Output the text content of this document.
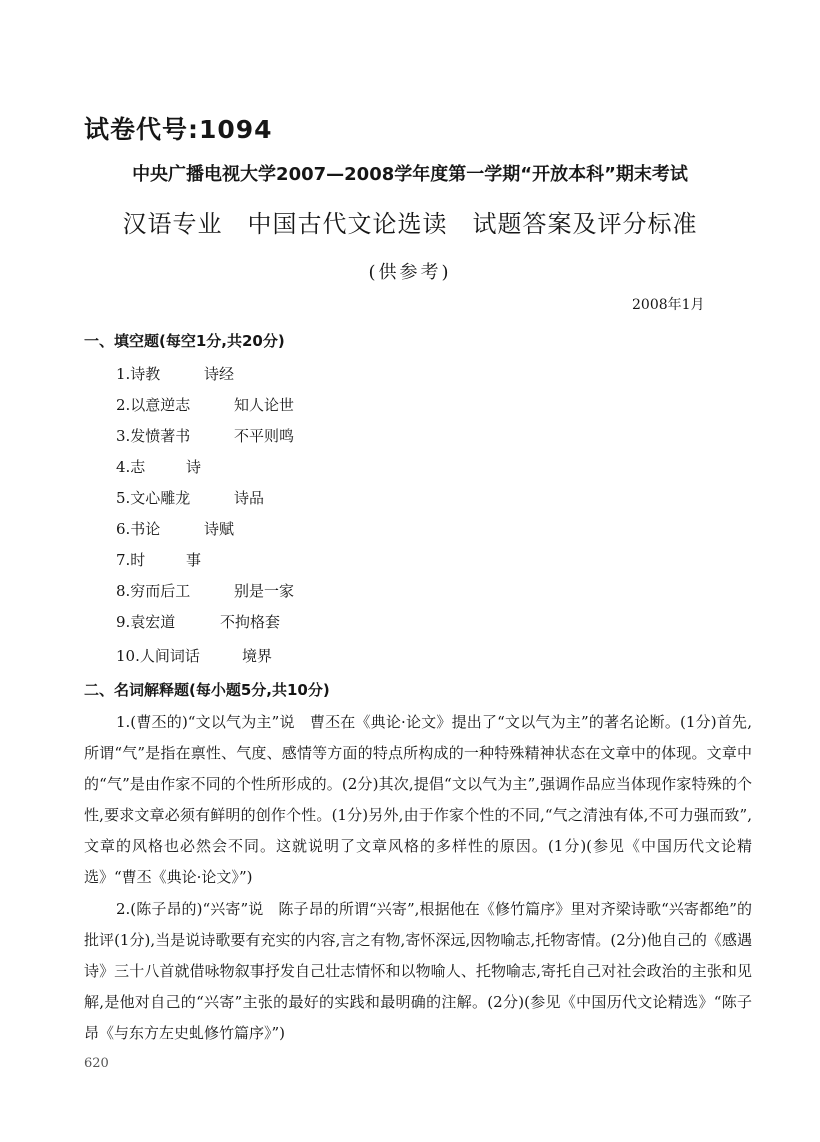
试卷代号:1094
中央广播电视大学2007—2008学年度第一学期“开放本科”期末考试
汉语专业　中国古代文论选读　试题答案及评分标准
(供参考)
2008年1月
一、填空题(每空1分,共20分)
1.诗教	诗经
2.以意逆志	知人论世
3.发愤著书	不平则鸣
4.志	诗
5.文心雕龙	诗品
6.书论	诗赋
7.时	事
8.穷而后工	别是一家
9.袁宏道	不拘格套
10.人间词话	境界
二、名词解释题(每小题5分,共10分)
1.(曹丕的)“文以气为主”说　曹丕在《典论·论文》提出了“文以气为主”的著名论断。(1分)首先,所谓“气”是指在禀性、气度、感情等方面的特点所构成的一种特殊精神状态在文章中的体现。文章中的“气”是由作家不同的个性所形成的。(2分)其次,提倡“文以气为主”,强调作品应当体现作家特殊的个性,要求文章必须有鲜明的创作个性。(1分)另外,由于作家个性的不同,“气之清浊有体,不可力强而致”,文章的风格也必然会不同。这就说明了文章风格的多样性的原因。(1分)(参见《中国历代文论精选》“曹丕《典论·论文》”)
2.(陈子昂的)“兴寄”说　陈子昂的所谓“兴寄”,根据他在《修竹篇序》里对齐梁诗歌“兴寄都绝”的批评(1分),当是说诗歌要有充实的内容,言之有物,寄怀深远,因物喻志,托物寄情。(2分)他自己的《感遇诗》三十八首就借咏物叙事抒发自己壮志情怀和以物喻人、托物喻志,寄托自己对社会政治的主张和见解,是他对自己的“兴寄”主张的最好的实践和最明确的注解。(2分)(参见《中国历代文论精选》“陈子昂《与东方左史虬修竹篇序》”)
620
